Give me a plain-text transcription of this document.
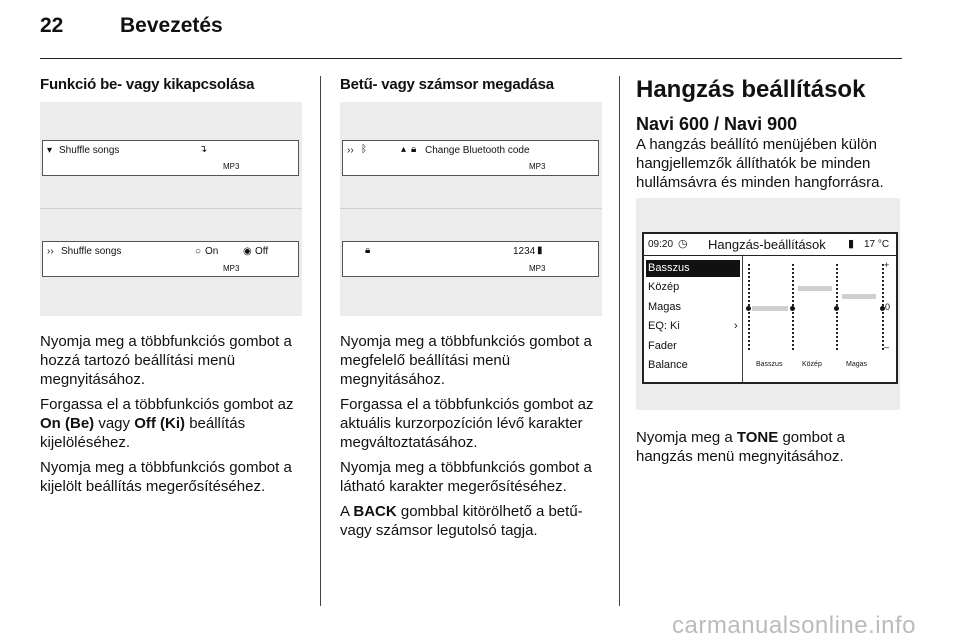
22	Bevezetés
Funkció be- vagy kikapcsolása
▾ Shuffle songs	↴
MP3
›› Shuffle songs	○ On ◉ Off
MP3

Nyomja meg a többfunkciós gombot a hozzá tartozó beállítási menü megnyitásához.

Forgassa el a többfunkciós gombot az On (Be) vagy Off (Ki) beállítás kijelöléséhez.

Nyomja meg a többfunkciós gombot a kijelölt beállítás megerősítéséhez.

Betű- vagy számsor megadása
›› ᛒ	▴ 🔒︎ Change Bluetooth code
MP3
🔒︎	1234 ▮
MP3

Nyomja meg a többfunkciós gombot a megfelelő beállítási menü megnyitásához.

Forgassa el a többfunkciós gombot az aktuális kurzorpozíción lévő karakter megváltoztatásához.

Nyomja meg a többfunkciós gombot a látható karakter megerősítéséhez.

A BACK gombbal kitörölhető a betű- vagy számsor legutolsó tagja.

Hangzás beállítások
Navi 600 / Navi 900

A hangzás beállító menüjében külön hangjellemzők állíthatók be minden hullámsávra és minden hangforrásra.

09:20 ◷ Hangzás-beállítások ▮ 17 °C
Basszus
Közép
Magas
EQ: Ki	›
Fader
Balance
+
0
–
Basszus	Közép	Magas

Nyomja meg a TONE gombot a hangzás menü megnyitásához.

carmanualsonline.info
